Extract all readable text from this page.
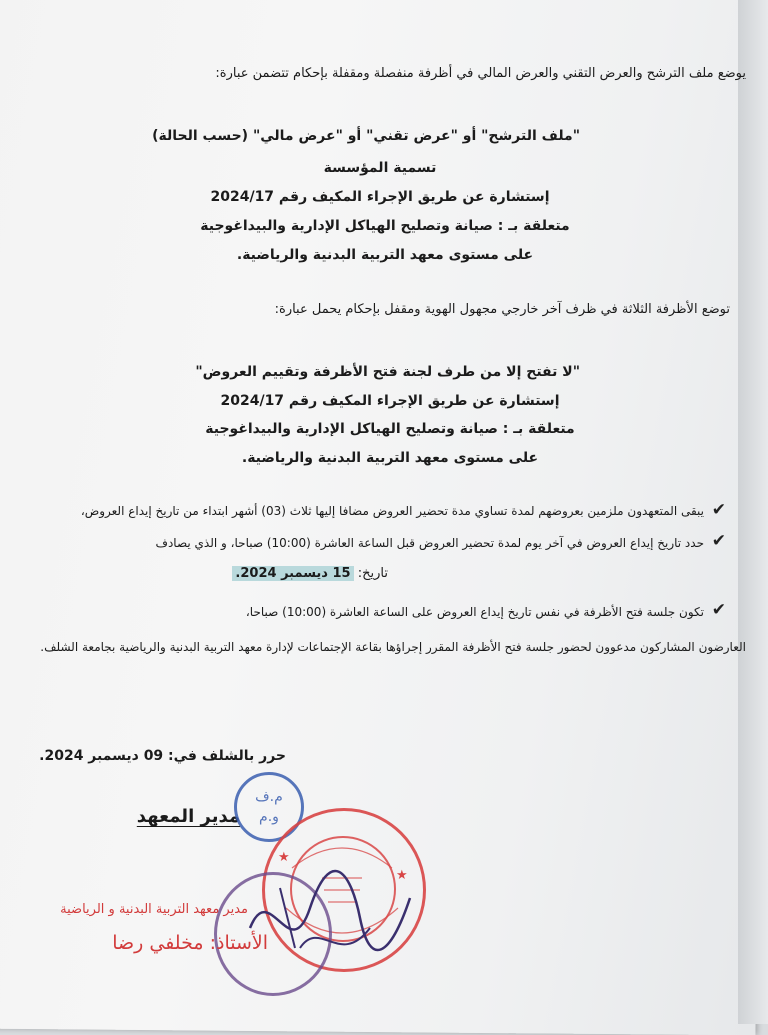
يوضع ملف الترشح والعرض التقني والعرض المالي في أظرفة منفصلة ومقفلة بإحكام تتضمن عبارة:
"ملف الترشح" أو "عرض تقني" أو "عرض مالي" (حسب الحالة)
تسمية المؤسسة
إستشارة عن طريق الإجراء المكيف رقم 2024/17
متعلقة بـ : صيانة وتصليح الهياكل الإدارية والبيداغوجية
على مستوى معهد التربية البدنية والرياضية.
توضع الأظرفة الثلاثة في ظرف آخر خارجي مجهول الهوية ومقفل بإحكام يحمل عبارة:
"لا تفتح إلا من طرف لجنة فتح الأظرفة وتقييم العروض"
إستشارة عن طريق الإجراء المكيف رقم 2024/17
متعلقة بـ : صيانة وتصليح الهياكل الإدارية والبيداغوجية
على مستوى معهد التربية البدنية والرياضية.
✔
يبقى المتعهدون ملزمين بعروضهم لمدة تساوي مدة تحضير العروض مضافا إليها ثلاث (03) أشهر ابتداء من تاريخ إيداع العروض،
✔
حدد تاريخ إيداع العروض في آخر يوم لمدة تحضير العروض قبل الساعة العاشرة (10:00) صباحا، و الذي يصادف
تاريخ: 15 ديسمبر 2024.
✔
تكون جلسة فتح الأظرفة في نفس تاريخ إيداع العروض على الساعة العاشرة (10:00) صباحا،
العارضون المشاركون مدعوون لحضور جلسة فتح الأظرفة المقرر إجراؤها بقاعة الإجتماعات لإدارة معهد التربية البدنية والرياضية بجامعة الشلف.
حرر بالشلف في: 09 ديسمبر 2024.
مدير المعهد
م.ف
و.م
★
★
مدير معهد التربية البدنية و الرياضية
الأستاذ: مخلفي رضا
